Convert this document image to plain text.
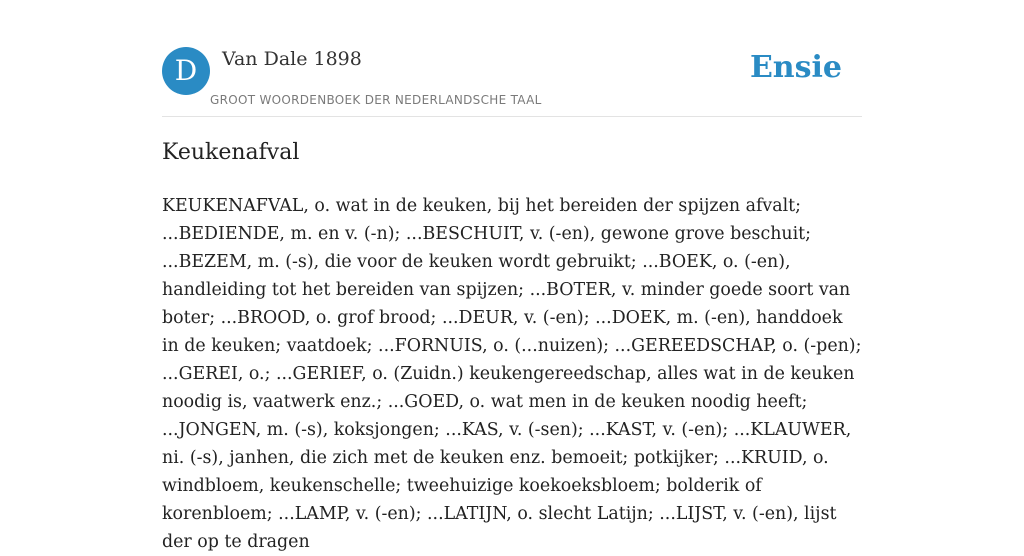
D	Van Dale 1898
GROOT WOORDENBOEK DER NEDERLANDSCHE TAAL
Ensie
Keukenafval

KEUKENAFVAL, o. wat in de keuken, bij het bereiden der spijzen afvalt; ...BEDIENDE, m. en v. (-n); ...BESCHUIT, v. (-en), gewone grove beschuit; ...BEZEM, m. (-s), die voor de keuken wordt gebruikt; ...BOEK, o. (-en), handleiding tot het bereiden van spijzen; ...BOTER, v. minder goede soort van boter; ...BROOD, o. grof brood; ...DEUR, v. (-en); ...DOEK, m. (-en), handdoek in de keuken; vaatdoek; ...FORNUIS, o. (...nuizen); ...GEREEDSCHAP, o. (-pen); ...GEREI, o.; ...GERIEF, o. (Zuidn.) keukengereedschap, alles wat in de keuken noodig is, vaatwerk enz.; ...GOED, o. wat men in de keuken noodig heeft; ...JONGEN, m. (-s), koksjongen; ...KAS, v. (-sen); ...KAST, v. (-en); ...KLAUWER, ni. (-s), janhen, die zich met de keuken enz. bemoeit; potkijker; ...KRUID, o. windbloem, keukenschelle; tweehuizige koekoeksbloem; bolderik of korenbloem; ...LAMP, v. (-en); ...LATIJN, o. slecht Latijn; ...LIJST, v. (-en), lijst der op te dragen
